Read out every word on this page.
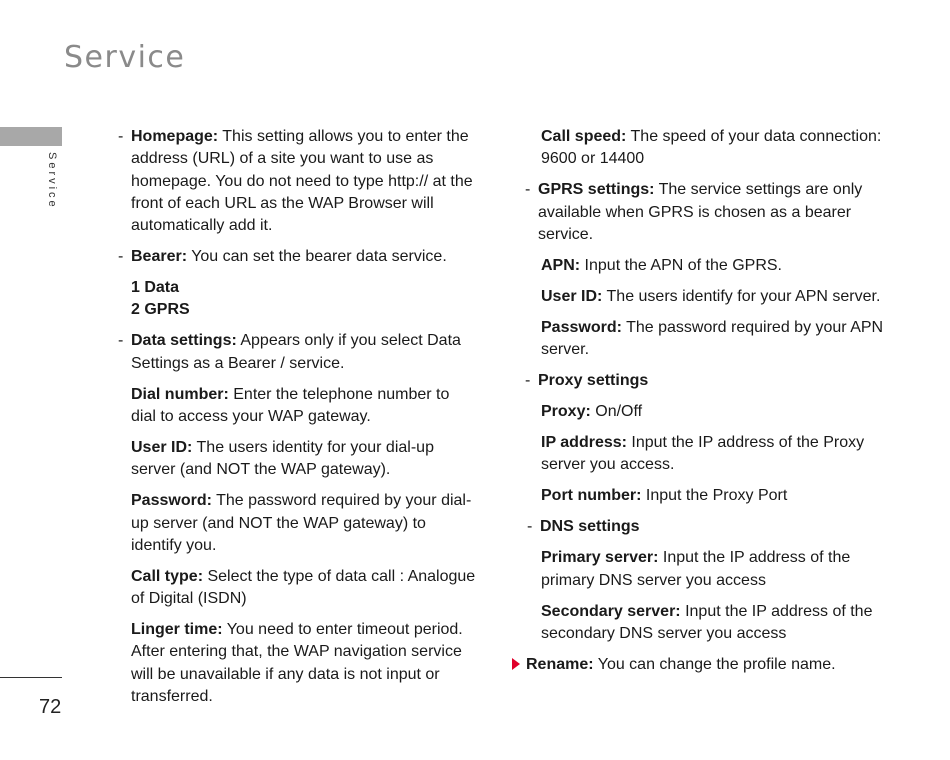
Service
Service
72

- Homepage: This setting allows you to enter the address (URL) of a site you want to use as homepage. You do not need to type http:// at the front of each URL as the WAP Browser will automatically add it.

- Bearer: You can set the bearer data service.

1 Data
2 GPRS

- Data settings: Appears only if you select Data Settings as a Bearer / service.

Dial number: Enter the telephone number to dial to access your WAP gateway.

User ID: The users identity for your dial-up server (and NOT the WAP gateway).

Password: The password required by your dial-up server (and NOT the WAP gateway) to identify you.

Call type: Select the type of data call : Analogue of Digital (ISDN)

Linger time: You need to enter timeout period. After entering that, the WAP navigation service will be unavailable if any data is not input or transferred.

Call speed: The speed of your data connection: 9600 or 14400

- GPRS settings: The service settings are only available when GPRS is chosen as a bearer service.

APN: Input the APN of the GPRS.

User ID: The users identify for your APN server.

Password: The password required by your APN server.

- Proxy settings

Proxy: On/Off

IP address: Input the IP address of the Proxy server you access.

Port number: Input the Proxy Port

- DNS settings

Primary server: Input the IP address of the primary DNS server you access

Secondary server: Input the IP address of the secondary DNS server you access

Rename: You can change the profile name.
